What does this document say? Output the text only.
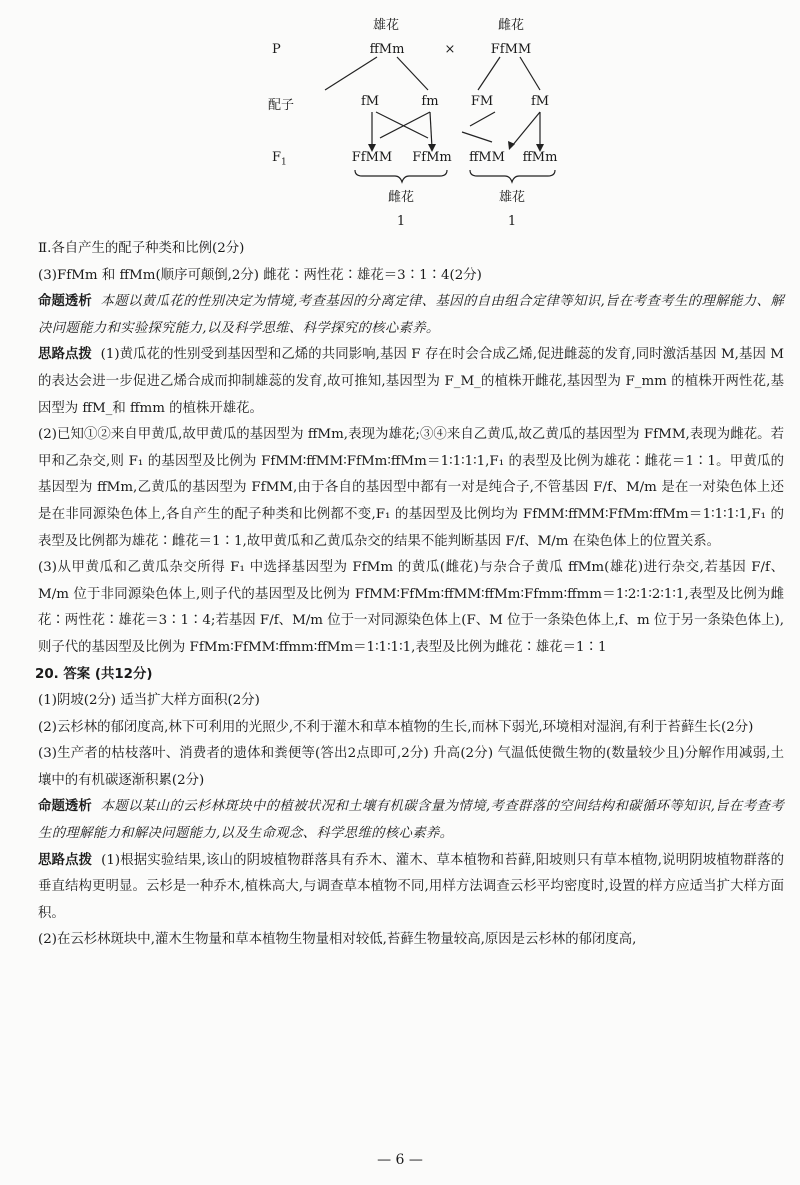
雄花	雌花
P	ffMm	×	FfMM
配子	fM	fm FM	fM
$F_1$	FfMM FfMm ffMM ffMm
雌花	雄花
1	1

Ⅱ.各自产生的配子种类和比例(2分)

(3)FfMm 和 ffMm(顺序可颠倒,2分) 雌花∶两性花∶雄花＝3∶1∶4(2分)

命题透析 本题以黄瓜花的性别决定为情境,考查基因的分离定律、基因的自由组合定律等知识,旨在考查考生的理解能力、解决问题能力和实验探究能力,以及科学思维、科学探究的核心素养。

思路点拨 (1)黄瓜花的性别受到基因型和乙烯的共同影响,基因 F 存在时会合成乙烯,促进雌蕊的发育,同时激活基因 M,基因 M 的表达会进一步促进乙烯合成而抑制雄蕊的发育,故可推知,基因型为 F_M_的植株开雌花,基因型为 F_mm 的植株开两性花,基因型为 ffM_和 ffmm 的植株开雄花。

(2)已知①②来自甲黄瓜,故甲黄瓜的基因型为 ffMm,表现为雄花;③④来自乙黄瓜,故乙黄瓜的基因型为 FfMM,表现为雌花。若甲和乙杂交,则 F₁ 的基因型及比例为 FfMM∶ffMM∶FfMm∶ffMm＝1∶1∶1∶1,F₁ 的表型及比例为雄花∶雌花＝1∶1。甲黄瓜的基因型为 ffMm,乙黄瓜的基因型为 FfMM,由于各自的基因型中都有一对是纯合子,不管基因 F/f、M/m 是在一对染色体上还是在非同源染色体上,各自产生的配子种类和比例都不变,F₁ 的基因型及比例均为 FfMM∶ffMM∶FfMm∶ffMm＝1∶1∶1∶1,F₁ 的表型及比例都为雄花∶雌花＝1∶1,故甲黄瓜和乙黄瓜杂交的结果不能判断基因 F/f、M/m 在染色体上的位置关系。

(3)从甲黄瓜和乙黄瓜杂交所得 F₁ 中选择基因型为 FfMm 的黄瓜(雌花)与杂合子黄瓜 ffMm(雄花)进行杂交,若基因 F/f、M/m 位于非同源染色体上,则子代的基因型及比例为 FfMM∶FfMm∶ffMM∶ffMm∶Ffmm∶ffmm＝1∶2∶1∶2∶1∶1,表型及比例为雌花∶两性花∶雄花＝3∶1∶4;若基因 F/f、M/m 位于一对同源染色体上(F、M 位于一条染色体上,f、m 位于另一条染色体上),则子代的基因型及比例为 FfMm∶FfMM∶ffmm∶ffMm＝1∶1∶1∶1,表型及比例为雌花∶雄花＝1∶1

20. 答案 (共12分)

(1)阴坡(2分) 适当扩大样方面积(2分)

(2)云杉林的郁闭度高,林下可利用的光照少,不利于灌木和草本植物的生长,而林下弱光,环境相对湿润,有利于苔藓生长(2分)

(3)生产者的枯枝落叶、消费者的遗体和粪便等(答出2点即可,2分) 升高(2分) 气温低使微生物的(数量较少且)分解作用减弱,土壤中的有机碳逐渐积累(2分)

命题透析 本题以某山的云杉林斑块中的植被状况和土壤有机碳含量为情境,考查群落的空间结构和碳循环等知识,旨在考查考生的理解能力和解决问题能力,以及生命观念、科学思维的核心素养。

思路点拨 (1)根据实验结果,该山的阴坡植物群落具有乔木、灌木、草本植物和苔藓,阳坡则只有草本植物,说明阴坡植物群落的垂直结构更明显。云杉是一种乔木,植株高大,与调查草本植物不同,用样方法调查云杉平均密度时,设置的样方应适当扩大样方面积。

(2)在云杉林斑块中,灌木生物量和草本植物生物量相对较低,苔藓生物量较高,原因是云杉林的郁闭度高,

— 6 —
